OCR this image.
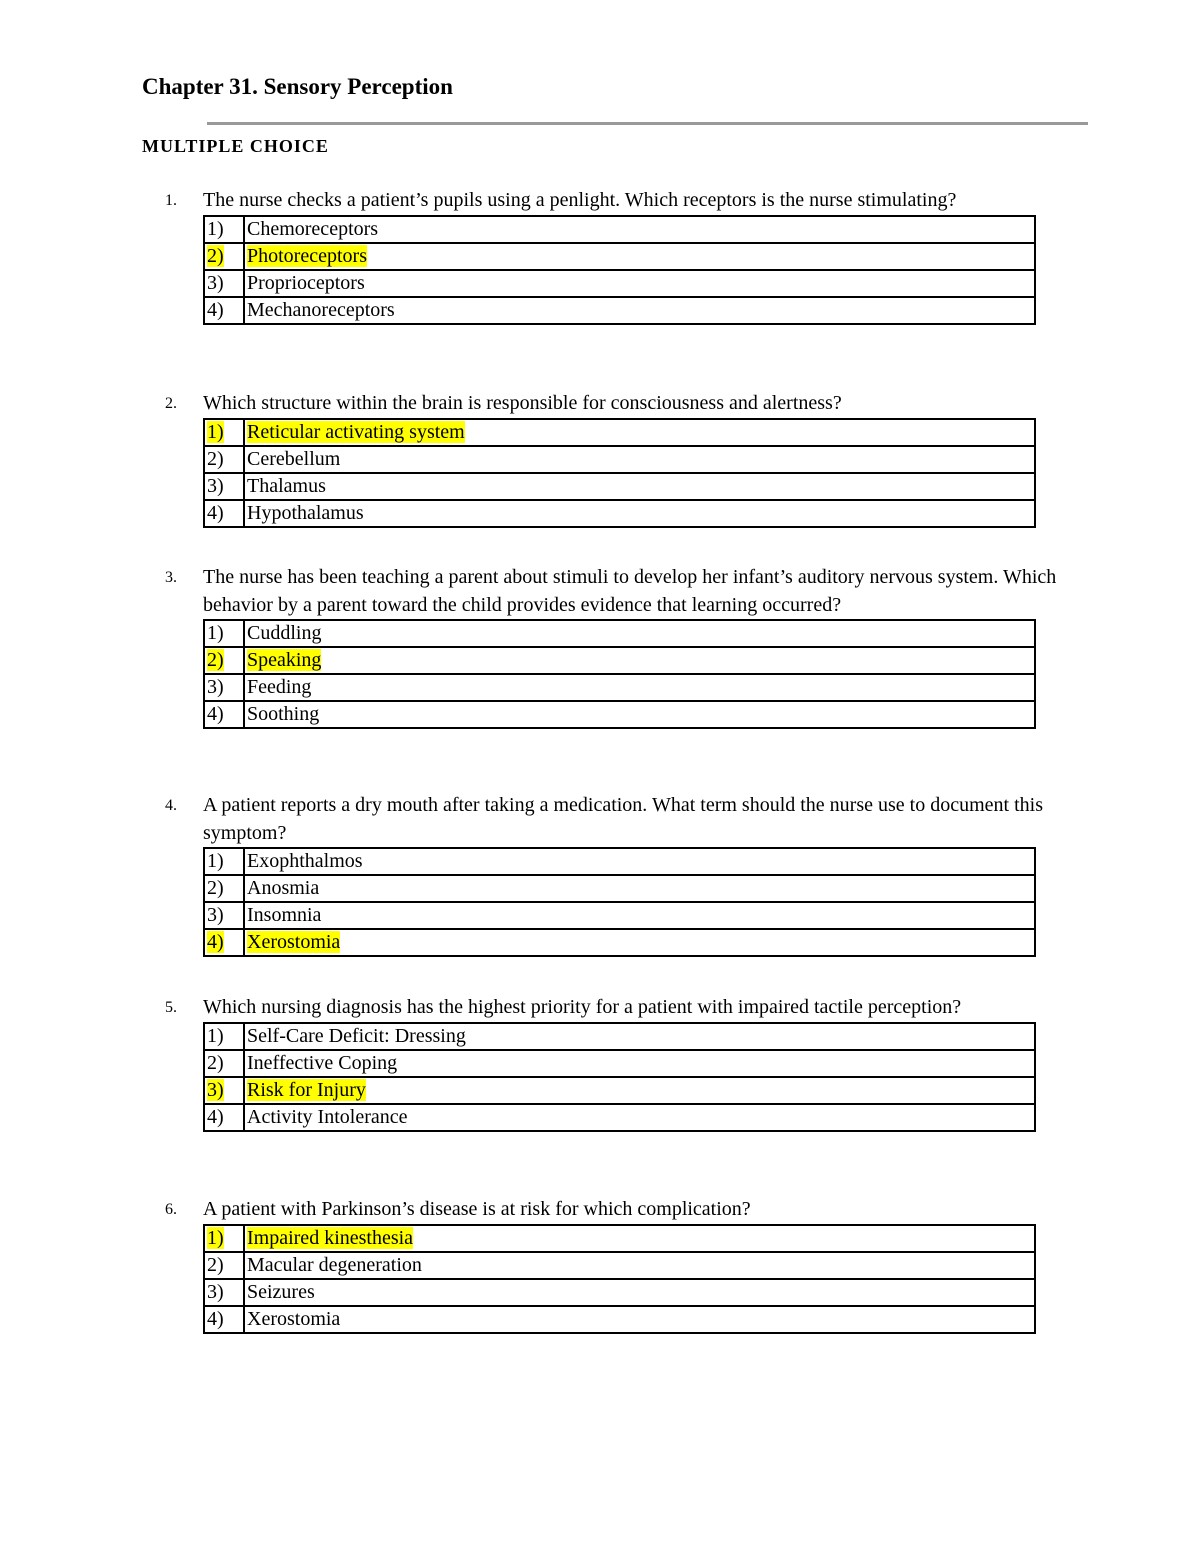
Chapter 31. Sensory Perception
MULTIPLE CHOICE
1.	The nurse checks a patient’s pupils using a penlight. Which receptors is the nurse stimulating?
1)	Chemoreceptors
2)	Photoreceptors
3)	Proprioceptors
4)	Mechanoreceptors
2.	Which structure within the brain is responsible for consciousness and alertness?
1)	Reticular activating system
2)	Cerebellum
3)	Thalamus
4)	Hypothalamus
3.	The nurse has been teaching a parent about stimuli to develop her infant’s auditory nervous system. Which behavior by a parent toward the child provides evidence that learning occurred?
1)	Cuddling
2)	Speaking
3)	Feeding
4)	Soothing
4.	A patient reports a dry mouth after taking a medication. What term should the nurse use to document this symptom?
1)	Exophthalmos
2)	Anosmia
3)	Insomnia
4)	Xerostomia
5.	Which nursing diagnosis has the highest priority for a patient with impaired tactile perception?
1)	Self-Care Deficit: Dressing
2)	Ineffective Coping
3)	Risk for Injury
4)	Activity Intolerance
6.	A patient with Parkinson’s disease is at risk for which complication?
1)	Impaired kinesthesia
2)	Macular degeneration
3)	Seizures
4)	Xerostomia
